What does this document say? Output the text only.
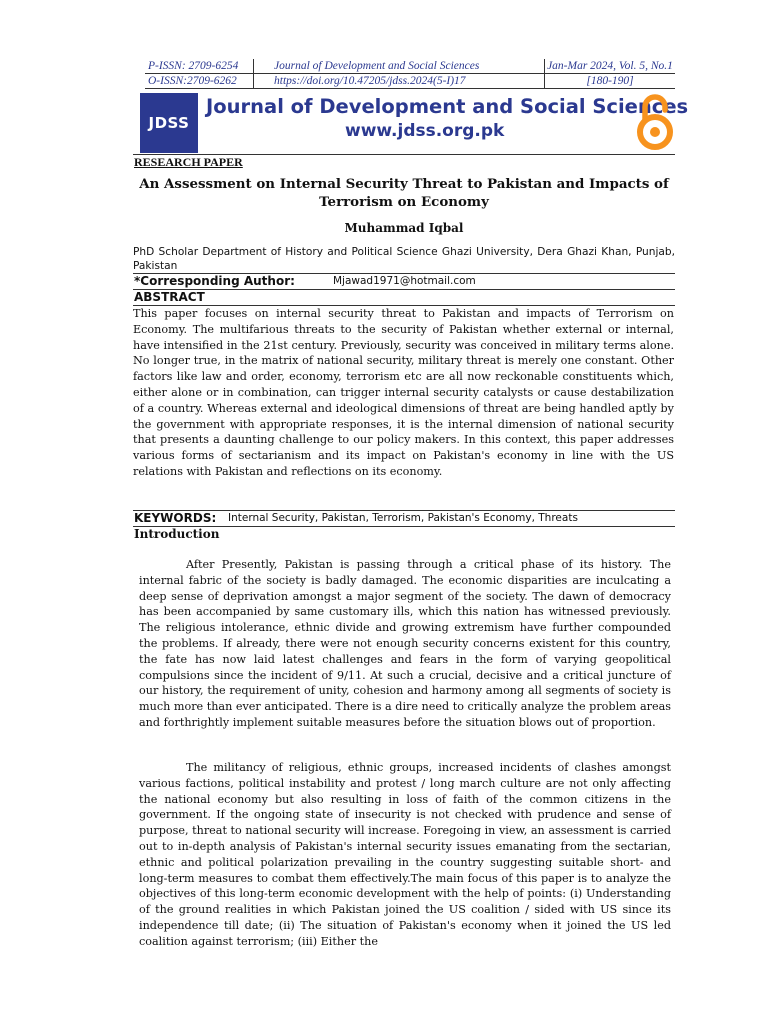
P-ISSN: 2709-6254	Journal of Development and Social Sciences	Jan-Mar 2024, Vol. 5, No.1
O-ISSN:2709-6262	https://doi.org/10.47205/jdss.2024(5-I)17	[180-190]
JDSS
Journal of Development and Social Sciences
www.jdss.org.pk
RESEARCH PAPER
An Assessment on Internal Security Threat to Pakistan and Impacts of Terrorism on Economy
Muhammad Iqbal
PhD Scholar Department of History and Political Science Ghazi University, Dera Ghazi Khan, Punjab, Pakistan
*Corresponding Author:	Mjawad1971@hotmail.com
ABSTRACT
This paper focuses on internal security threat to Pakistan and impacts of Terrorism on Economy. The multifarious threats to the security of Pakistan whether external or internal, have intensified in the 21st century. Previously, security was conceived in military terms alone. No longer true, in the matrix of national security, military threat is merely one constant. Other factors like law and order, economy, terrorism etc are all now reckonable constituents which, either alone or in combination, can trigger internal security catalysts or cause destabilization of a country. Whereas external and ideological dimensions of threat are being handled aptly by the government with appropriate responses, it is the internal dimension of national security that presents a daunting challenge to our policy makers. In this context, this paper addresses various forms of sectarianism and its impact on Pakistan's economy in line with the US relations with Pakistan and reflections on its economy.
KEYWORDS: Internal Security, Pakistan, Terrorism, Pakistan's Economy, Threats
Introduction
After Presently, Pakistan is passing through a critical phase of its history. The internal fabric of the society is badly damaged. The economic disparities are inculcating a deep sense of deprivation amongst a major segment of the society. The dawn of democracy has been accompanied by same customary ills, which this nation has witnessed previously. The religious intolerance, ethnic divide and growing extremism have further compounded the problems. If already, there were not enough security concerns existent for this country, the fate has now laid latest challenges and fears in the form of varying geopolitical compulsions since the incident of 9/11. At such a crucial, decisive and a critical juncture of our history, the requirement of unity, cohesion and harmony among all segments of society is much more than ever anticipated. There is a dire need to critically analyze the problem areas and forthrightly implement suitable measures before the situation blows out of proportion.
The militancy of religious, ethnic groups, increased incidents of clashes amongst various factions, political instability and protest / long march culture are not only affecting the national economy but also resulting in loss of faith of the common citizens in the government. If the ongoing state of insecurity is not checked with prudence and sense of purpose, threat to national security will increase. Foregoing in view, an assessment is carried out to in-depth analysis of Pakistan's internal security issues emanating from the sectarian, ethnic and political polarization prevailing in the country suggesting suitable short- and long-term measures to combat them effectively.The main focus of this paper is to analyze the objectives of this long-term economic development with the help of points: (i) Understanding of the ground realities in which Pakistan joined the US coalition / sided with US since its independence till date; (ii) The situation of Pakistan's economy when it joined the US led coalition against terrorism; (iii) Either the
